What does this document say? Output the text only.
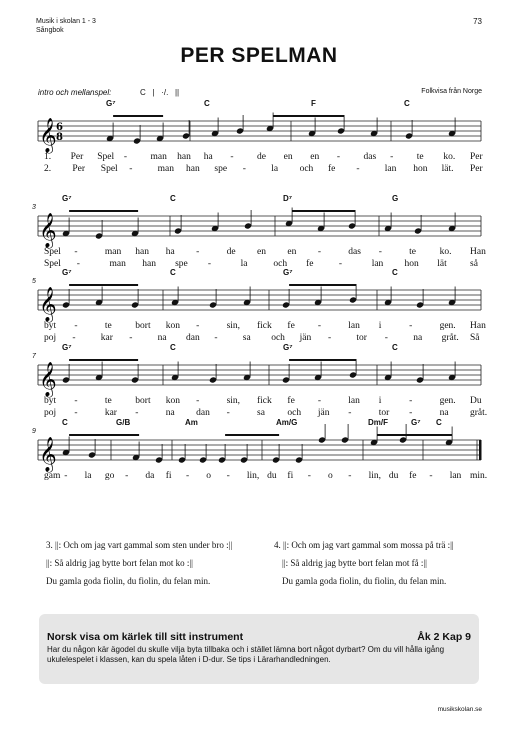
Musik i skolan 1 - 3
Sångbok
73
PER SPELMAN
intro och mellanspel:	C   |   ·/.   ||	Folkvisa från Norge
𝄞 6
8
𝄞
𝄞
𝄞
𝄞
G⁷	C	F	C
1. Per Spel - man han ha - de en en - das - te ko. Per
2. Per Spel -	man han spe -	la och fe -	lan hon lät. Per
3
G⁷	C	D⁷	G
Spel -	man han ha -	de en en -	das -	te ko. Han
Spel -	man han spe -	la	och fe	-	lan hon lät så
5
G⁷	C	G⁷	C
byt -	te bort kon -	sin, fick fe -	lan i	-	gen. Han
poj -	kar -	na dan -	sa och jän -	tor -	na gråt. Så
7
G⁷	C	G⁷	C
byt -	te bort kon -	sin, fick fe -	lan i	-	gen. Du
poj -	kar -	na dan -	sa och jän -	tor -	na gråt.
9
C	G/B	Am	Am/G	Dm/F	G⁷ C
gam - la go - da fi - o - lin, du fi - o - lin, du fe - lan min.
3. ||: Och om jag vart gammal som sten under bro :||
||: Så aldrig jag bytte bort felan mot ko :||
Du gamla goda fiolin, du fiolin, du felan min.
4. ||: Och om jag vart gammal som mossa på trä :||
||: Så aldrig jag bytte bort felan mot få :||
Du gamla goda fiolin, du fiolin, du felan min.
Norsk visa om kärlek till sitt instrument	Åk 2 Kap 9
Har du någon kär ägodel du skulle vilja byta tillbaka och i stället lämna bort något dyrbart? Om du vill hålla igång ukulelespelet i klassen, kan du spela låten i D-dur. Se tips i Lärarhandledningen.
musikskolan.se
